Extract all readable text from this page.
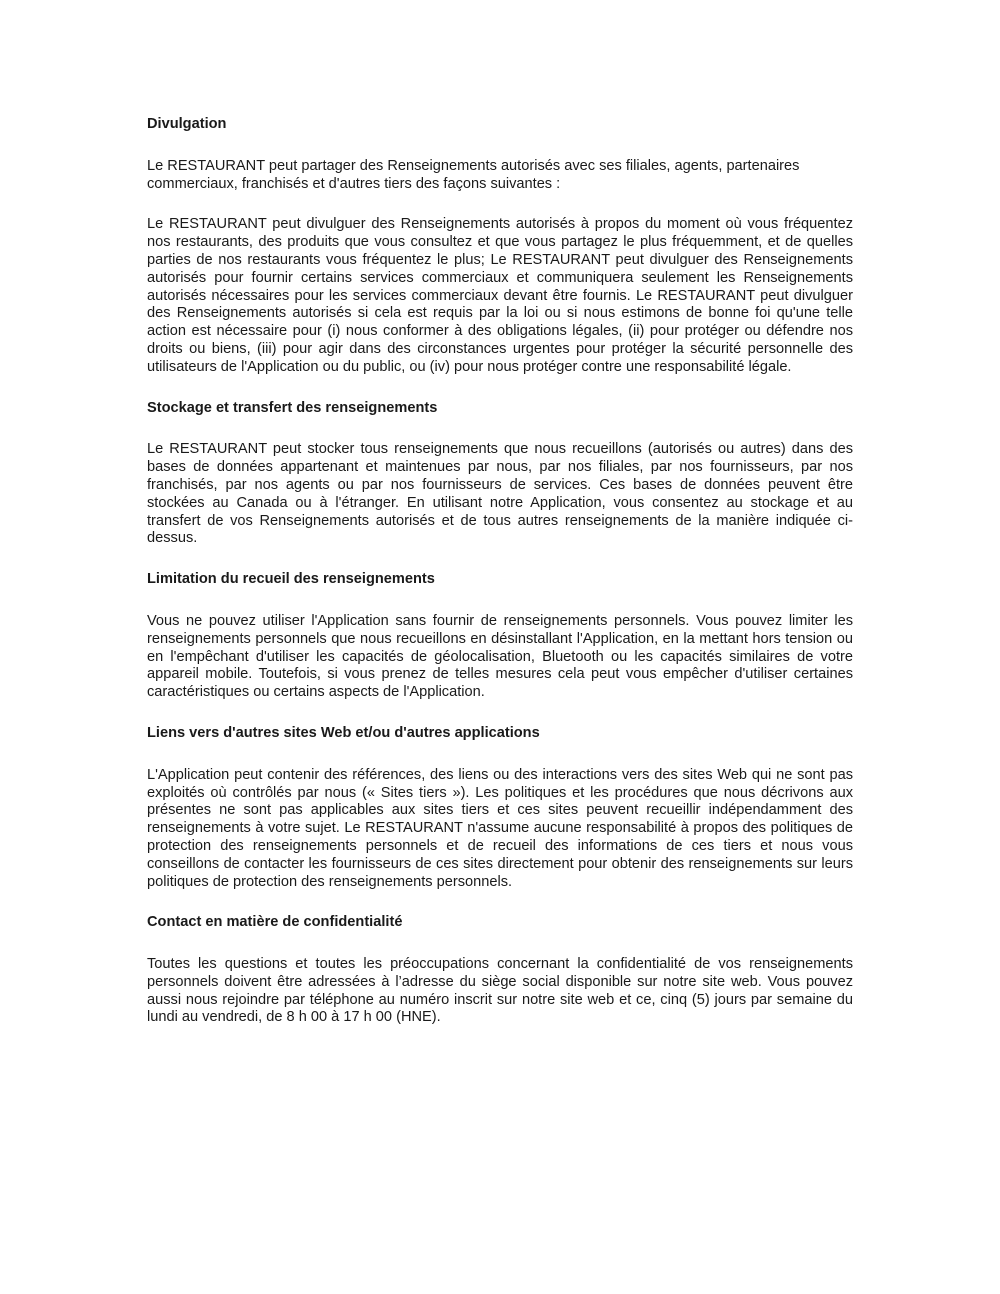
Divulgation

Le RESTAURANT peut partager des Renseignements autorisés avec ses filiales, agents, partenaires commerciaux, franchisés et d'autres tiers des façons suivantes :

Le RESTAURANT peut divulguer des Renseignements autorisés à propos du moment où vous fréquentez nos restaurants, des produits que vous consultez et que vous partagez le plus fréquemment, et de quelles parties de nos restaurants vous fréquentez le plus; Le RESTAURANT peut divulguer des Renseignements autorisés pour fournir certains services commerciaux et communiquera seulement les Renseignements autorisés nécessaires pour les services commerciaux devant être fournis. Le RESTAURANT peut divulguer des Renseignements autorisés si cela est requis par la loi ou si nous estimons de bonne foi qu'une telle action est nécessaire pour (i) nous conformer à des obligations légales, (ii) pour protéger ou défendre nos droits ou biens, (iii) pour agir dans des circonstances urgentes pour protéger la sécurité personnelle des utilisateurs de l'Application ou du public, ou (iv) pour nous protéger contre une responsabilité légale.

Stockage et transfert des renseignements

Le RESTAURANT peut stocker tous renseignements que nous recueillons (autorisés ou autres) dans des bases de données appartenant et maintenues par nous, par nos filiales, par nos fournisseurs, par nos franchisés, par nos agents ou par nos fournisseurs de services. Ces bases de données peuvent être stockées au Canada ou à l'étranger. En utilisant notre Application, vous consentez au stockage et au transfert de vos Renseignements autorisés et de tous autres renseignements de la manière indiquée ci-dessus.

Limitation du recueil des renseignements

Vous ne pouvez utiliser l'Application sans fournir de renseignements personnels. Vous pouvez limiter les renseignements personnels que nous recueillons en désinstallant l'Application, en la mettant hors tension ou en l'empêchant d'utiliser les capacités de géolocalisation, Bluetooth ou les capacités similaires de votre appareil mobile. Toutefois, si vous prenez de telles mesures cela peut vous empêcher d'utiliser certaines caractéristiques ou certains aspects de l'Application.

Liens vers d'autres sites Web et/ou d'autres applications

L'Application peut contenir des références, des liens ou des interactions vers des sites Web qui ne sont pas exploités où contrôlés par nous (« Sites tiers »). Les politiques et les procédures que nous décrivons aux présentes ne sont pas applicables aux sites tiers et ces sites peuvent recueillir indépendamment des renseignements à votre sujet. Le RESTAURANT n'assume aucune responsabilité à propos des politiques de protection des renseignements personnels et de recueil des informations de ces tiers et nous vous conseillons de contacter les fournisseurs de ces sites directement pour obtenir des renseignements sur leurs politiques de protection des renseignements personnels.

Contact en matière de confidentialité

Toutes les questions et toutes les préoccupations concernant la confidentialité de vos renseignements personnels doivent être adressées à l’adresse du siège social disponible sur notre site web. Vous pouvez aussi nous rejoindre par téléphone au numéro inscrit sur notre site web et ce, cinq (5) jours par semaine du lundi au vendredi, de 8 h 00 à 17 h 00 (HNE).
